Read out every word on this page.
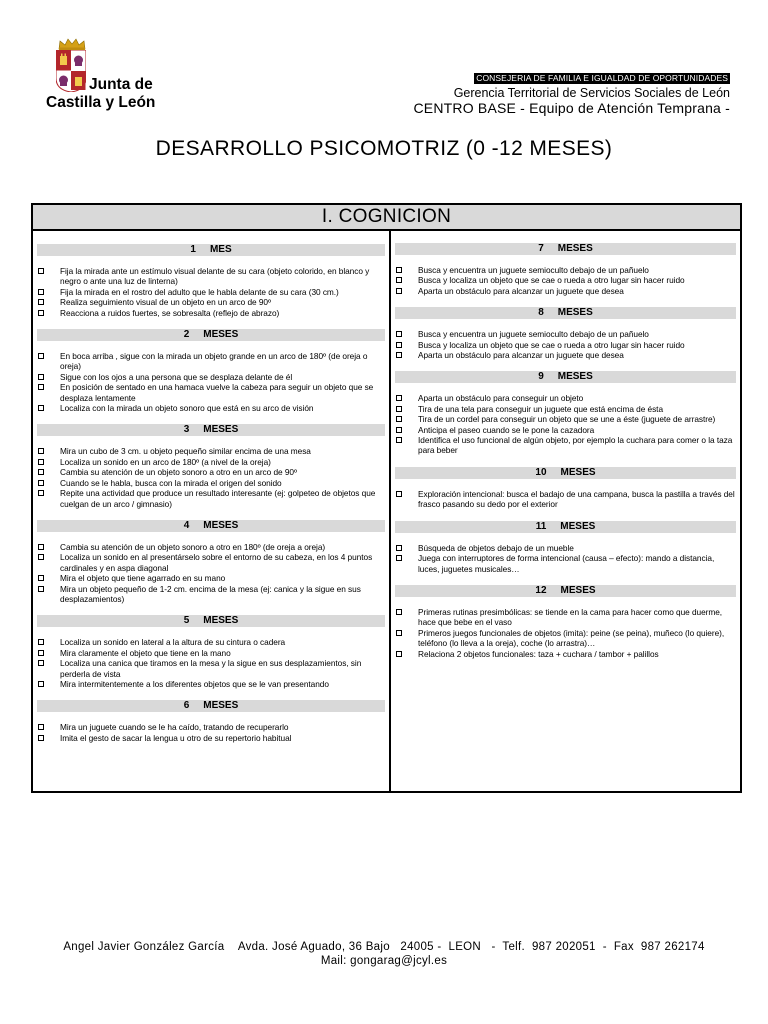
Junta de
Castilla y León
CONSEJERIA DE FAMILIA E IGUALDAD DE OPORTUNIDADES
Gerencia Territorial de Servicios Sociales de León
CENTRO BASE - Equipo de Atención Temprana -
DESARROLLO PSICOMOTRIZ (0 -12 MESES)
I. COGNICION
1 MES
Fija la mirada ante un estímulo visual delante de su cara (objeto colorido, en blanco y negro o ante una luz de linterna)
Fija la mirada en el rostro del adulto que le habla delante de su cara (30 cm.)
Realiza seguimiento visual de un objeto en un arco de 90º
Reacciona a ruidos fuertes, se sobresalta (reflejo de abrazo)
2 MESES
En boca arriba , sigue con la mirada un objeto grande en un arco de 180º (de oreja o oreja)
Sigue con los ojos a una persona que se desplaza delante de él
En posición de sentado en una hamaca vuelve la cabeza para seguir un objeto que se desplaza lentamente
Localiza con la mirada un objeto sonoro que está en su arco de visión
3 MESES
Mira un cubo de 3 cm. u objeto pequeño similar encima de una mesa
Localiza un sonido en un arco de 180º (a nivel de la oreja)
Cambia su atención de un objeto sonoro a otro en un arco de 90º
Cuando se le habla, busca con la mirada el origen del sonido
Repite una actividad que produce un resultado interesante (ej: golpeteo de objetos que cuelgan de un arco / gimnasio)
4 MESES
Cambia su atención de un objeto sonoro a otro en 180º (de oreja a oreja)
Localiza un sonido en al presentárselo sobre el entorno de su cabeza, en los 4 puntos cardinales y en aspa diagonal
Mira el objeto que tiene agarrado en su mano
Mira un objeto pequeño de 1-2 cm. encima de la mesa (ej: canica y la sigue en sus desplazamientos)
5 MESES
Localiza un sonido en lateral a la altura de su cintura o cadera
Mira claramente el objeto que tiene en la mano
Localiza una canica que tiramos en la mesa y la sigue en sus desplazamientos, sin perderla de vista
Mira intermitentemente a los diferentes objetos que se le van presentando
6 MESES
Mira un juguete cuando se le ha caído, tratando de recuperarlo
Imita el gesto de sacar la lengua u otro de su repertorio habitual
7 MESES
Busca y encuentra un juguete semioculto debajo de un pañuelo
Busca y localiza un objeto que se cae o rueda a otro lugar sin hacer ruido
Aparta un obstáculo para alcanzar un juguete que desea
8 MESES
Busca y encuentra un juguete semioculto debajo de un pañuelo
Busca y localiza un objeto que se cae o rueda a otro lugar sin hacer ruido
Aparta un obstáculo para alcanzar un juguete que desea
9 MESES
Aparta un obstáculo para conseguir un objeto
Tira de una tela para conseguir un juguete que está encima de ésta
Tira de un cordel para conseguir un objeto que se une a éste (juguete de arrastre)
Anticipa el paseo cuando se le pone la cazadora
Identifica el uso funcional de algún objeto, por ejemplo la cuchara para comer o la taza para beber
10 MESES
Exploración intencional: busca el badajo de una campana, busca la pastilla a través del frasco pasando su dedo por el exterior
11 MESES
Búsqueda de objetos debajo de un mueble
Juega con interruptores de forma intencional (causa – efecto): mando a distancia, luces, juguetes musicales…
12 MESES
Primeras rutinas presimbólicas: se tiende en la cama para hacer como que duerme, hace que bebe en el vaso
Primeros juegos funcionales de objetos (imita): peine (se peina), muñeco (lo quiere), teléfono (lo lleva a la oreja), coche (lo arrastra)…
Relaciona 2 objetos funcionales: taza + cuchara / tambor + palillos
Angel Javier González García    Avda. José Aguado, 36 Bajo   24005 -  LEON   -  Telf.  987 202051  -  Fax  987 262174
Mail: gongarag@jcyl.es
